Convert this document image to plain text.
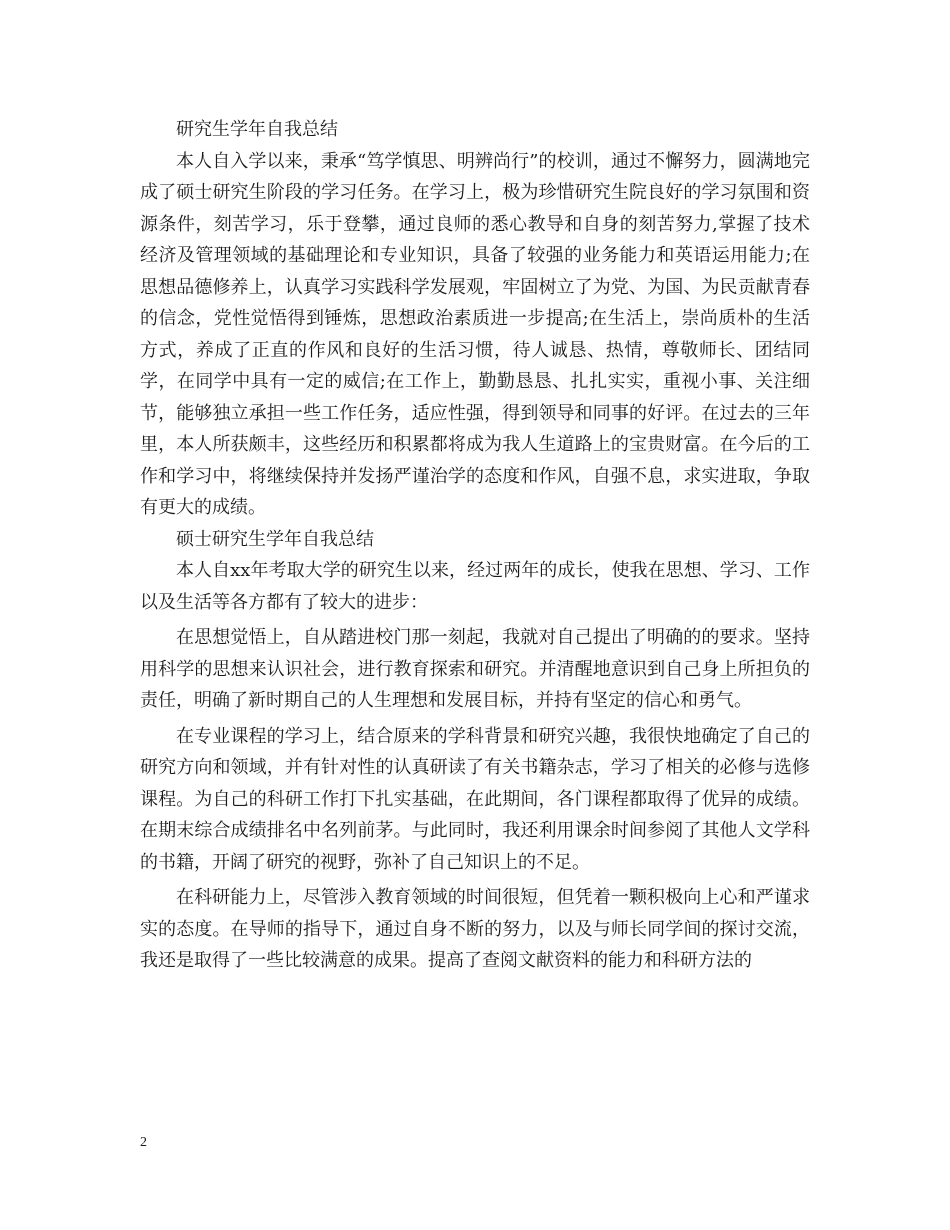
研究生学年自我总结

本人自入学以来，秉承“笃学慎思、明辨尚行”的校训，通过不懈努力，圆满地完成了硕士研究生阶段的学习任务。在学习上，极为珍惜研究生院良好的学习氛围和资源条件，刻苦学习，乐于登攀，通过良师的悉心教导和自身的刻苦努力,掌握了技术经济及管理领域的基础理论和专业知识，具备了较强的业务能力和英语运用能力;在思想品德修养上，认真学习实践科学发展观，牢固树立了为党、为国、为民贡献青春的信念，党性觉悟得到锤炼，思想政治素质进一步提高;在生活上，崇尚质朴的生活方式，养成了正直的作风和良好的生活习惯，待人诚恳、热情，尊敬师长、团结同学，在同学中具有一定的威信;在工作上，勤勤恳恳、扎扎实实，重视小事、关注细节，能够独立承担一些工作任务，适应性强，得到领导和同事的好评。在过去的三年里，本人所获颇丰，这些经历和积累都将成为我人生道路上的宝贵财富。在今后的工作和学习中，将继续保持并发扬严谨治学的态度和作风，自强不息，求实进取，争取有更大的成绩。

硕士研究生学年自我总结

本人自xx年考取大学的研究生以来，经过两年的成长，使我在思想、学习、工作以及生活等各方都有了较大的进步：

在思想觉悟上，自从踏进校门那一刻起，我就对自己提出了明确的的要求。坚持用科学的思想来认识社会，进行教育探索和研究。并清醒地意识到自己身上所担负的责任，明确了新时期自己的人生理想和发展目标，并持有坚定的信心和勇气。

在专业课程的学习上，结合原来的学科背景和研究兴趣，我很快地确定了自己的研究方向和领域，并有针对性的认真研读了有关书籍杂志，学习了相关的必修与选修课程。为自己的科研工作打下扎实基础，在此期间，各门课程都取得了优异的成绩。在期末综合成绩排名中名列前茅。与此同时，我还利用课余时间参阅了其他人文学科的书籍，开阔了研究的视野，弥补了自己知识上的不足。

在科研能力上，尽管涉入教育领域的时间很短，但凭着一颗积极向上心和严谨求实的态度。在导师的指导下，通过自身不断的努力，以及与师长同学间的探讨交流，我还是取得了一些比较满意的成果。提高了查阅文献资料的能力和科研方法的

2
